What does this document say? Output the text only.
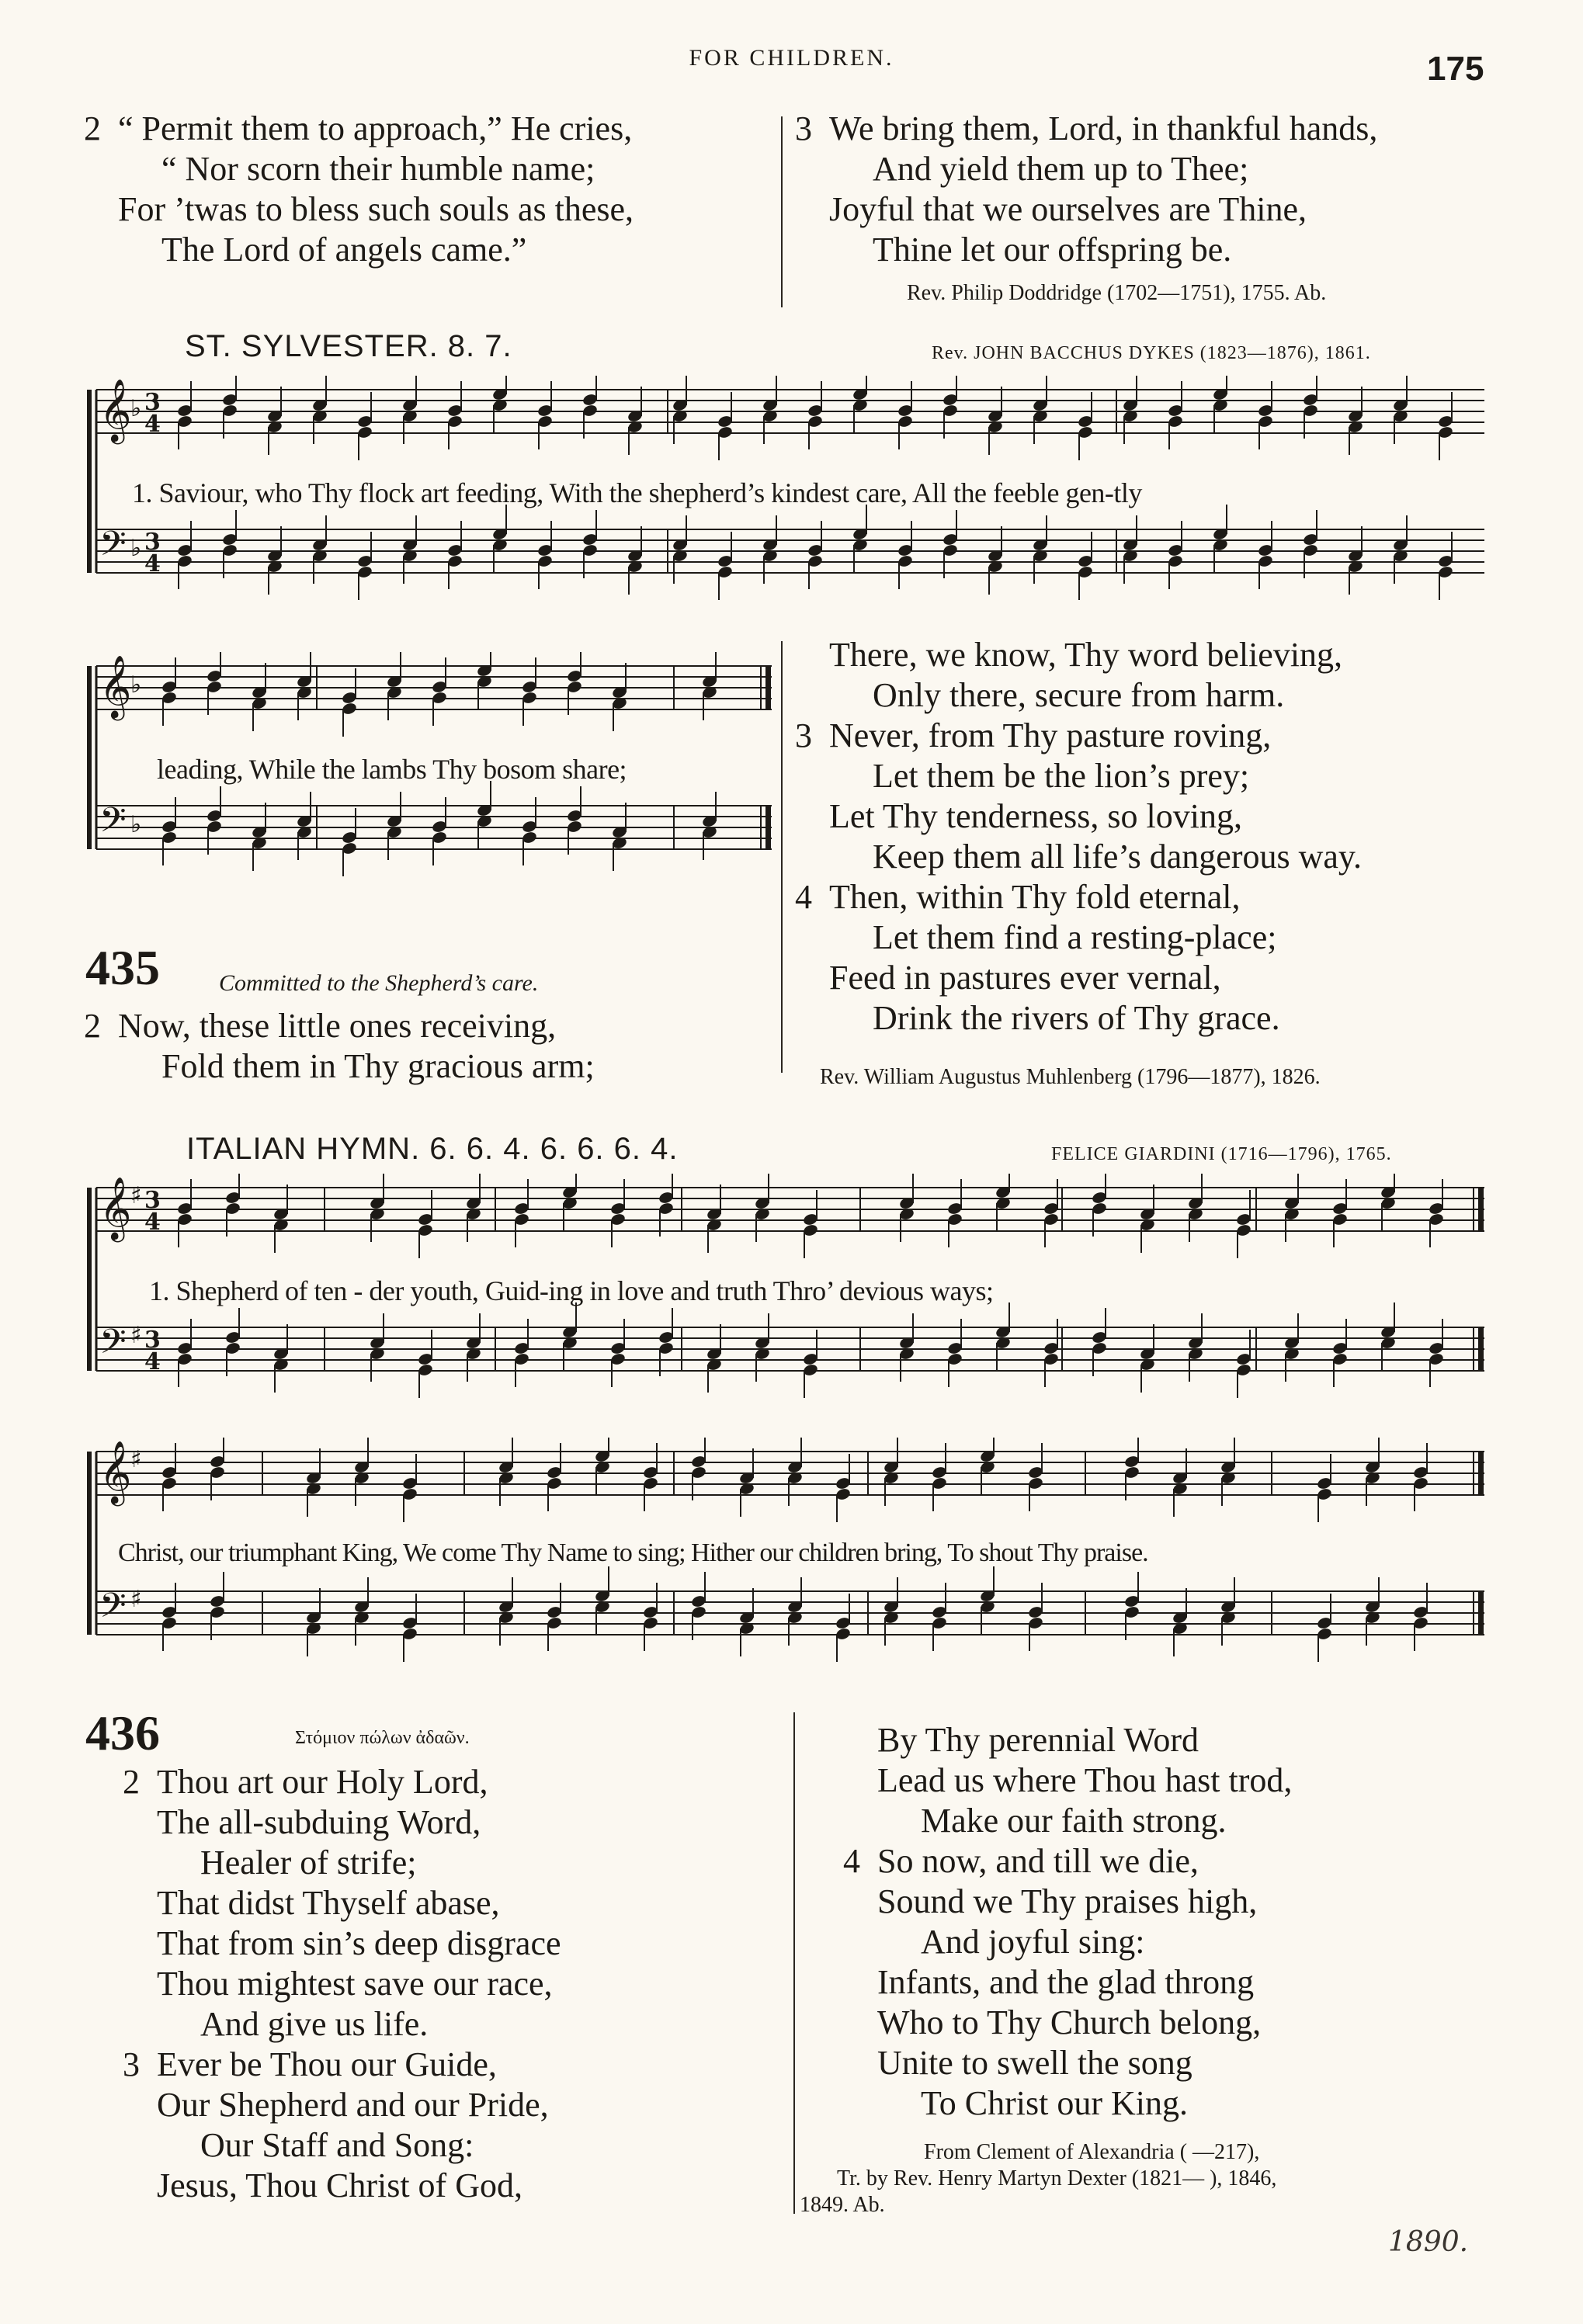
FOR CHILDREN.	175
2 “ Permit them to approach,” He cries,
“ Nor scorn their humble name;
For ’twas to bless such souls as these,
The Lord of angels came.”
3 We bring them, Lord, in thankful hands,
And yield them up to Thee;
Joyful that we ourselves are Thine,
Thine let our offspring be.
Rev. Philip Doddridge (1702—1751), 1755. Ab.
ST. SYLVESTER. 8. 7.	Rev. JOHN BACCHUS DYKES (1823—1876), 1861.
𝄞 3
4
♭
𝄢 3
4
♭
1. Saviour, who Thy flock art feeding, With the shepherd’s kindest care, All the feeble gen-tly
𝄞
♭
𝄢 ♭
leading, While the lambs Thy bosom share;
435	Committed to the Shepherd’s care.
2 Now, these little ones receiving,
Fold them in Thy gracious arm;
There, we know, Thy word believing,
Only there, secure from harm.
3 Never, from Thy pasture roving,
Let them be the lion’s prey;
Let Thy tenderness, so loving,
Keep them all life’s dangerous way.
4 Then, within Thy fold eternal,
Let them find a resting-place;
Feed in pastures ever vernal,
Drink the rivers of Thy grace.
Rev. William Augustus Muhlenberg (1796—1877), 1826.
ITALIAN HYMN. 6. 6. 4. 6. 6. 6. 4.	FELICE GIARDINI (1716—1796), 1765.
𝄞 3
4
♯
𝄢 3
4
♯
1. Shepherd of ten - der youth, Guid-ing in love and truth Thro’ devious ways;
𝄞
♯
𝄢 ♯
Christ, our triumphant King, We come Thy Name to sing; Hither our children bring, To shout Thy praise.
436	Στόμιον πώλων ἀδαῶν.
2 Thou art our Holy Lord,
The all-subduing Word,
Healer of strife;
That didst Thyself abase,
That from sin’s deep disgrace
Thou mightest save our race,
And give us life.
3 Ever be Thou our Guide,
Our Shepherd and our Pride,
Our Staff and Song:
Jesus, Thou Christ of God,
By Thy perennial Word
Lead us where Thou hast trod,
Make our faith strong.
4 So now, and till we die,
Sound we Thy praises high,
And joyful sing:
Infants, and the glad throng
Who to Thy Church belong,
Unite to swell the song
To Christ our King.
From Clement of Alexandria ( —217),
Tr. by Rev. Henry Martyn Dexter (1821— ), 1846,
1849. Ab.
1890.
